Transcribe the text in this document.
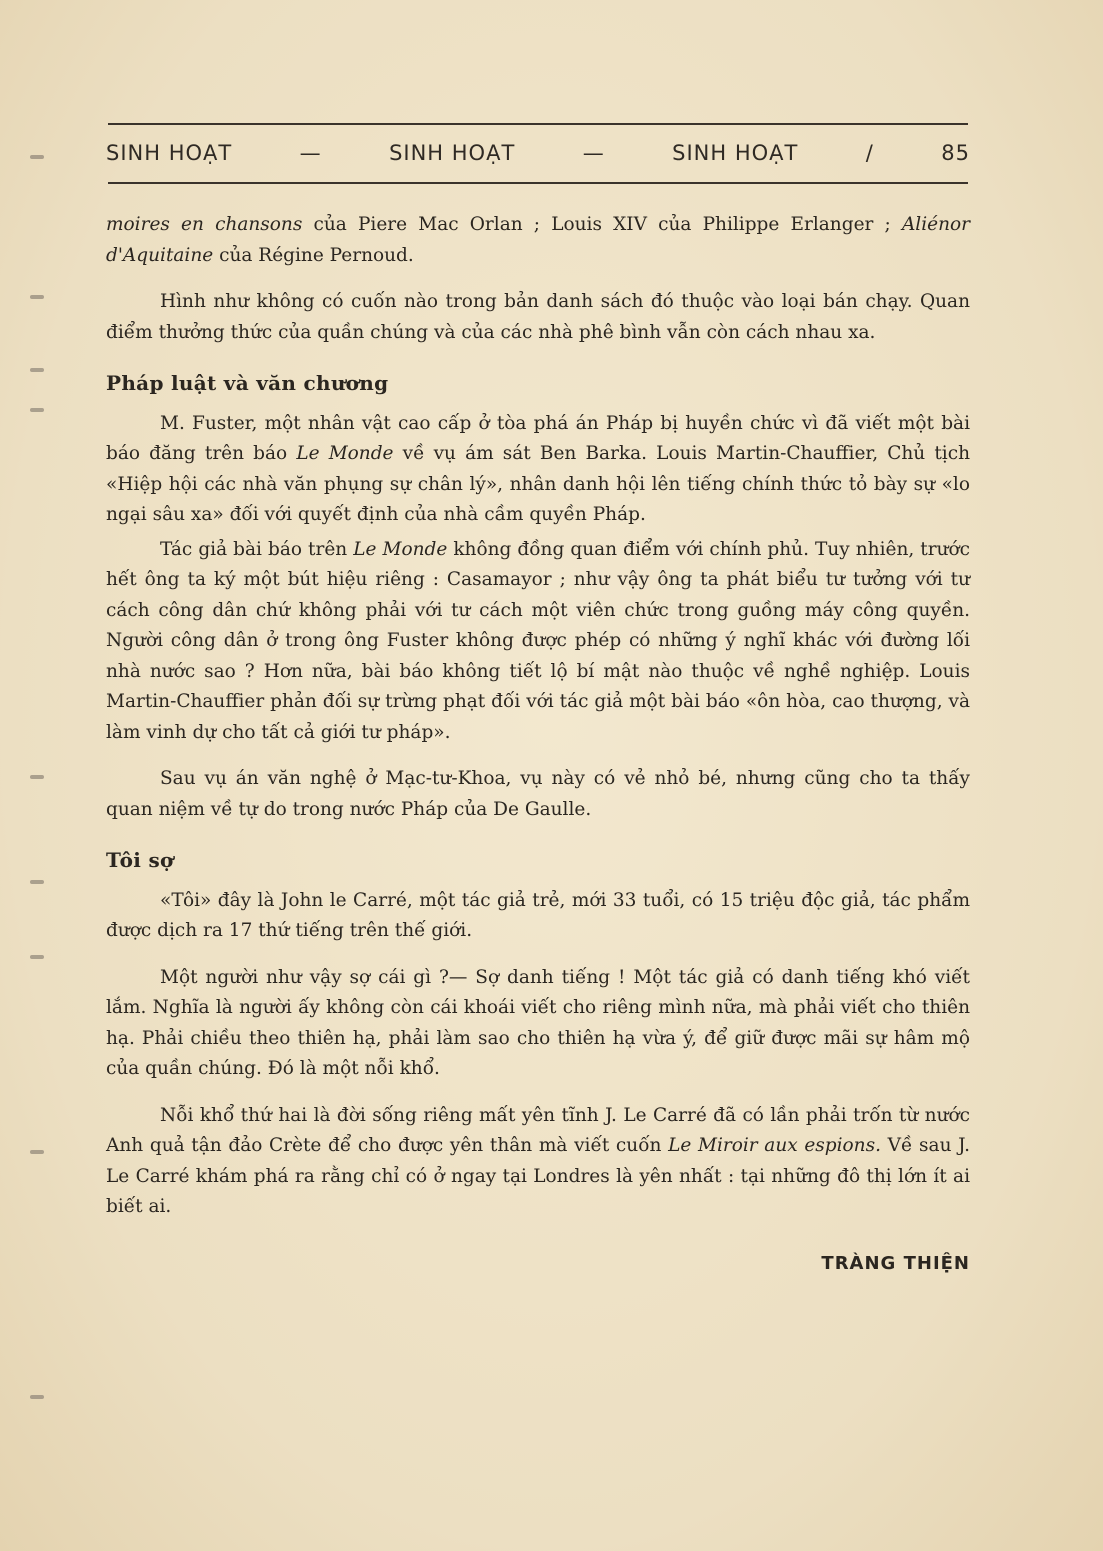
SINH HOẠT	—	SINH HOẠT	—	SINH HOẠT	/	85

moires en chansons của Piere Mac Orlan ; Louis XIV của Philippe Erlanger ; Aliénor d'Aquitaine của Régine Pernoud.

Hình như không có cuốn nào trong bản danh sách đó thuộc vào loại bán chạy. Quan điểm thưởng thức của quần chúng và của các nhà phê bình vẫn còn cách nhau xa.

Pháp luật và văn chương

M. Fuster, một nhân vật cao cấp ở tòa phá án Pháp bị huyền chức vì đã viết một bài báo đăng trên báo Le Monde về vụ ám sát Ben Barka. Louis Martin-Chauffier, Chủ tịch «Hiệp hội các nhà văn phụng sự chân lý», nhân danh hội lên tiếng chính thức tỏ bày sự «lo ngại sâu xa» đối với quyết định của nhà cầm quyền Pháp.

Tác giả bài báo trên Le Monde không đồng quan điểm với chính phủ. Tuy nhiên, trước hết ông ta ký một bút hiệu riêng : Casamayor ; như vậy ông ta phát biểu tư tưởng với tư cách công dân chứ không phải với tư cách một viên chức trong guồng máy công quyền. Người công dân ở trong ông Fuster không được phép có những ý nghĩ khác với đường lối nhà nước sao ? Hơn nữa, bài báo không tiết lộ bí mật nào thuộc về nghề nghiệp. Louis Martin-Chauffier phản đối sự trừng phạt đối với tác giả một bài báo «ôn hòa, cao thượng, và làm vinh dự cho tất cả giới tư pháp».

Sau vụ án văn nghệ ở Mạc-tư-Khoa, vụ này có vẻ nhỏ bé, nhưng cũng cho ta thấy quan niệm về tự do trong nước Pháp của De Gaulle.

Tôi sợ

«Tôi» đây là John le Carré, một tác giả trẻ, mới 33 tuổi, có 15 triệu độc giả, tác phẩm được dịch ra 17 thứ tiếng trên thế giới.

Một người như vậy sợ cái gì ?— Sợ danh tiếng ! Một tác giả có danh tiếng khó viết lắm. Nghĩa là người ấy không còn cái khoái viết cho riêng mình nữa, mà phải viết cho thiên hạ. Phải chiều theo thiên hạ, phải làm sao cho thiên hạ vừa ý, để giữ được mãi sự hâm mộ của quần chúng. Đó là một nỗi khổ.

Nỗi khổ thứ hai là đời sống riêng mất yên tĩnh J. Le Carré đã có lần phải trốn từ nước Anh quả tận đảo Crète để cho được yên thân mà viết cuốn Le Miroir aux espions. Về sau J. Le Carré khám phá ra rằng chỉ có ở ngay tại Londres là yên nhất : tại những đô thị lớn ít ai biết ai.

TRÀNG THIỆN
